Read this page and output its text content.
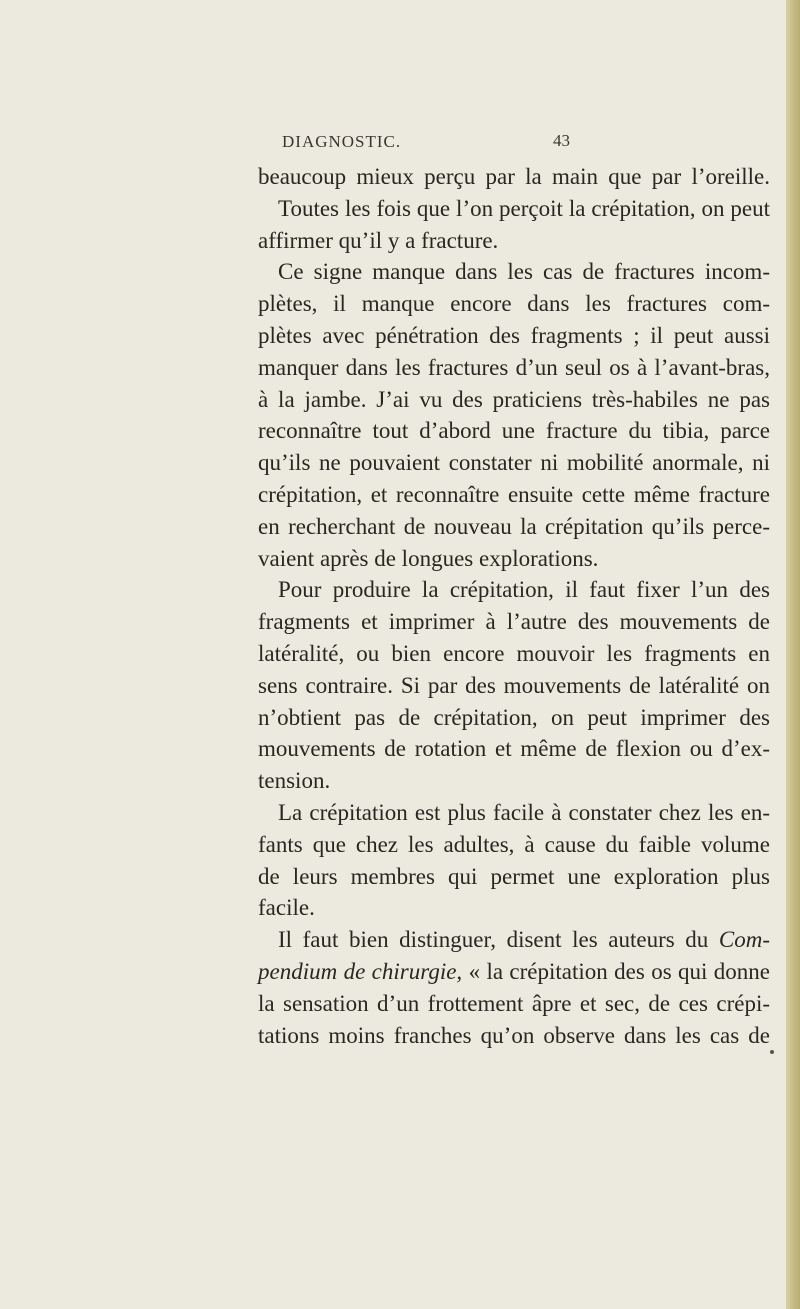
DIAGNOSTIC.	43
beaucoup mieux perçu par la main que par l’oreille.
Toutes les fois que l’on perçoit la crépitation, on peut
affirmer qu’il y a fracture.
Ce signe manque dans les cas de fractures incom-
plètes, il manque encore dans les fractures com-
plètes avec pénétration des fragments ; il peut aussi
manquer dans les fractures d’un seul os à l’avant-bras,
à la jambe. J’ai vu des praticiens très-habiles ne pas
reconnaître tout d’abord une fracture du tibia, parce
qu’ils ne pouvaient constater ni mobilité anormale, ni
crépitation, et reconnaître ensuite cette même fracture
en recherchant de nouveau la crépitation qu’ils perce-
vaient après de longues explorations.
Pour produire la crépitation, il faut fixer l’un des
fragments et imprimer à l’autre des mouvements de
latéralité, ou bien encore mouvoir les fragments en
sens contraire. Si par des mouvements de latéralité on
n’obtient pas de crépitation, on peut imprimer des
mouvements de rotation et même de flexion ou d’ex-
tension.
La crépitation est plus facile à constater chez les en-
fants que chez les adultes, à cause du faible volume
de leurs membres qui permet une exploration plus
facile.
Il faut bien distinguer, disent les auteurs du Com-
pendium de chirurgie, « la crépitation des os qui donne
la sensation d’un frottement âpre et sec, de ces crépi-
tations moins franches qu’on observe dans les cas de
